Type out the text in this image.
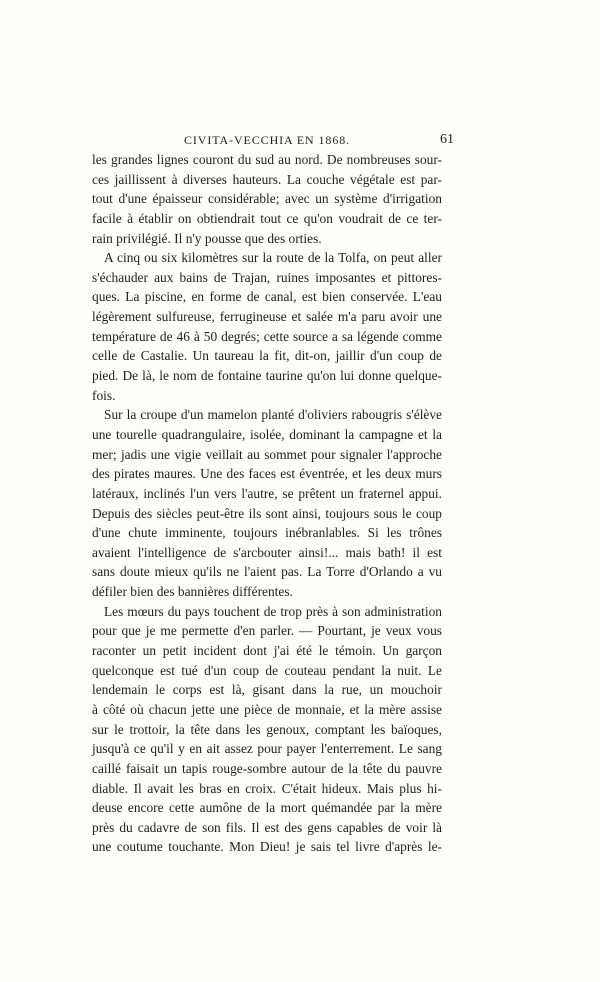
CIVITA-VECCHIA EN 1868.	61
les grandes lignes couront du sud au nord. De nombreuses sour-
ces jaillissent à diverses hauteurs. La couche végétale est par-
tout d'une épaisseur considérable; avec un système d'irrigation
facile à établir on obtiendrait tout ce qu'on voudrait de ce ter-
rain privilégié. Il n'y pousse que des orties.
A cinq ou six kilomètres sur la route de la Tolfa, on peut aller
s'échauder aux bains de Trajan, ruines imposantes et pittores-
ques. La piscine, en forme de canal, est bien conservée. L'eau
légèrement sulfureuse, ferrugineuse et salée m'a paru avoir une
température de 46 à 50 degrés; cette source a sa légende comme
celle de Castalie. Un taureau la fit, dit-on, jaillir d'un coup de
pied. De là, le nom de fontaine taurine qu'on lui donne quelque-
fois.
Sur la croupe d'un mamelon planté d'oliviers rabougris s'élève
une tourelle quadrangulaire, isolée, dominant la campagne et la
mer; jadis une vigie veillait au sommet pour signaler l'approche
des pirates maures. Une des faces est éventrée, et les deux murs
latéraux, inclinés l'un vers l'autre, se prêtent un fraternel appui.
Depuis des siècles peut-être ils sont ainsi, toujours sous le coup
d'une chute imminente, toujours inébranlables. Si les trônes
avaient l'intelligence de s'arcbouter ainsi!... mais bath! il est
sans doute mieux qu'ils ne l'aient pas. La Torre d'Orlando a vu
défiler bien des bannières différentes.
Les mœurs du pays touchent de trop près à son administration
pour que je me permette d'en parler. — Pourtant, je veux vous
raconter un petit incident dont j'ai été le témoin. Un garçon
quelconque est tué d'un coup de couteau pendant la nuit. Le
lendemain le corps est là, gisant dans la rue, un mouchoir
à côté où chacun jette une pièce de monnaie, et la mère assise
sur le trottoir, la tête dans les genoux, comptant les baïoques,
jusqu'à ce qu'il y en ait assez pour payer l'enterrement. Le sang
caillé faisait un tapis rouge-sombre autour de la tête du pauvre
diable. Il avait les bras en croix. C'était hideux. Mais plus hi-
deuse encore cette aumône de la mort quémandée par la mère
près du cadavre de son fils. Il est des gens capables de voir là
une coutume touchante. Mon Dieu! je sais tel livre d'après le-
